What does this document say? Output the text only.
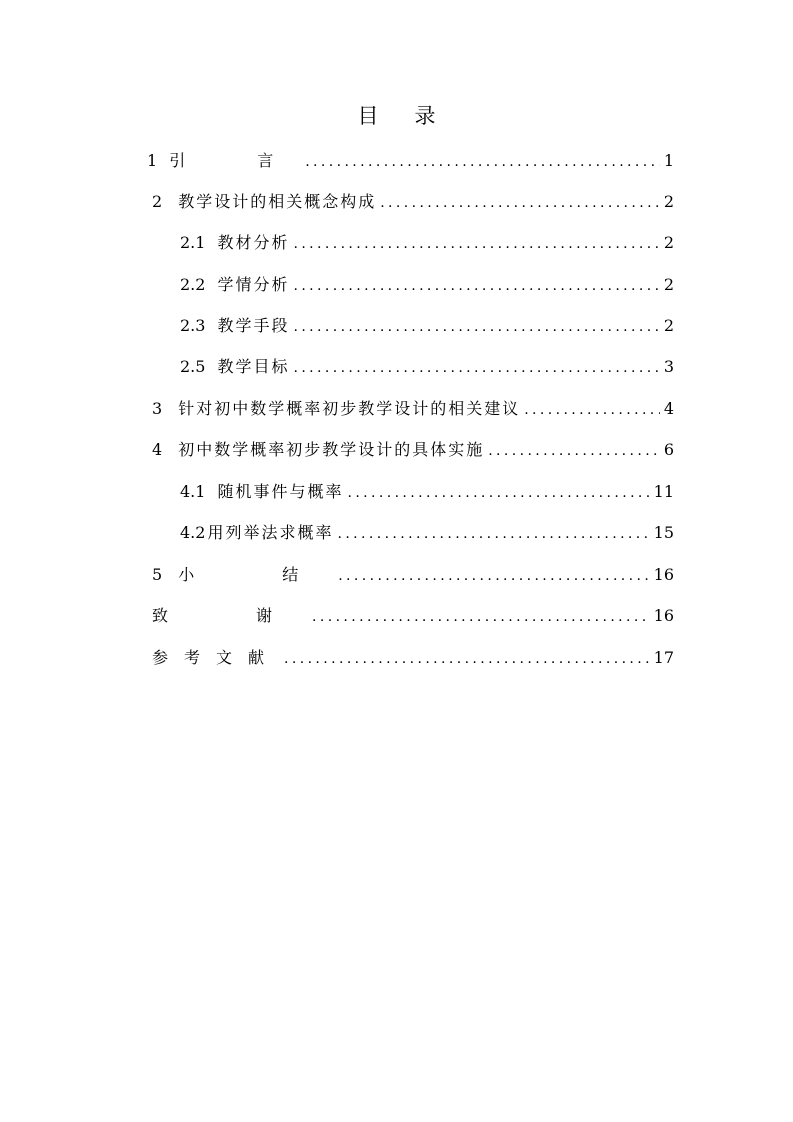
目 录
1 引　言 .....	1
2 教学设计的相关概念构成 .....	2
2.1 教材分析 .....	2
2.2 学情分析 .....	2
2.3 教学手段 .....	2
2.5 教学目标 .....	3
3 针对初中数学概率初步教学设计的相关建议 .....	4
4 初中数学概率初步教学设计的具体实施 .....	6
4.1 随机事件与概率 .....	11
4.2 用列举法求概率 .....	15
5 小　结 .....	16
致　谢 .....	16
参考文献 .....	17
